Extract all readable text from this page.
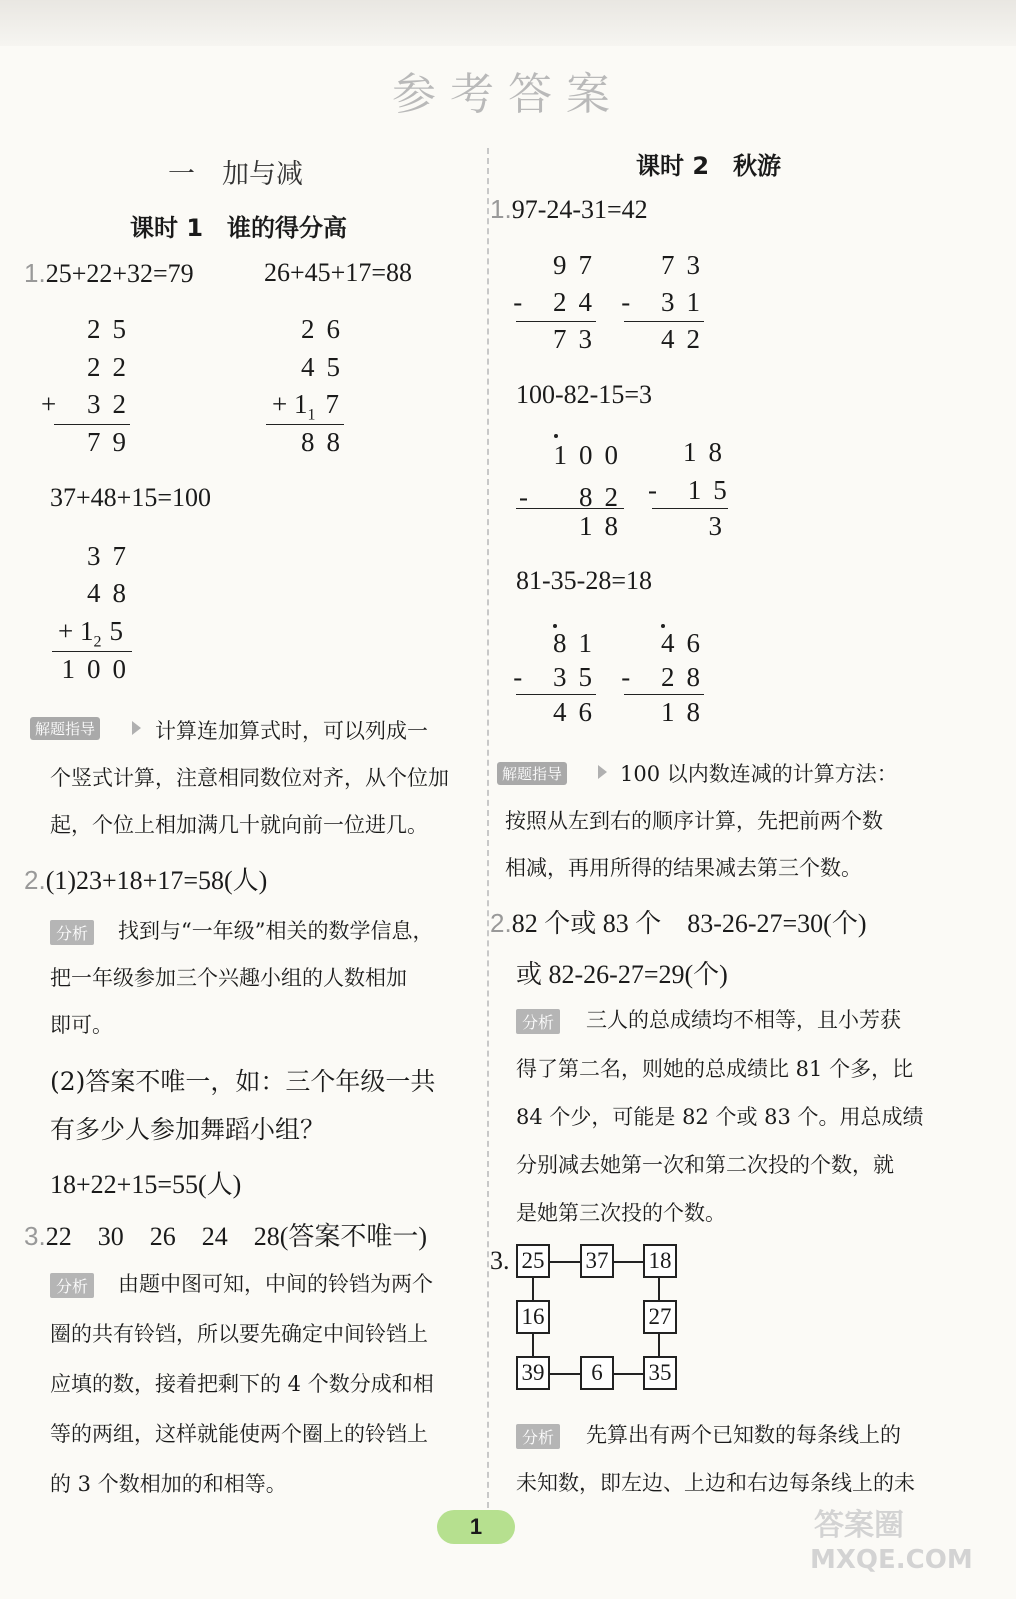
参考答案
一　加与减
课时 1　谁的得分高
1.25+22+32=79	26+45+17=88
25
22
+ 32
79
26
45
+ $1_1$ 7
88
37+48+15=100
37
48
+ $1_2$ 5
100
解题指导	计算连加算式时，可以列成一
个竖式计算，注意相同数位对齐，从个位加
起，个位上相加满几十就向前一位进几。
2.(1)23+18+17=58(人)
分析 找到与“一年级”相关的数学信息，
把一年级参加三个兴趣小组的人数相加
即可。
(2)答案不唯一，如：三个年级一共
有多少人参加舞蹈小组？
18+22+15=55(人)
3.22　30　26　24　28(答案不唯一)
分析 由题中图可知，中间的铃铛为两个
圈的共有铃铛，所以要先确定中间铃铛上
应填的数，接着把剩下的 4 个数分成和相
等的两组，这样就能使两个圈上的铃铛上
的 3 个数相加的和相等。
课时 2　秋游
1.97-24-31=42
97
- 24
73
73
- 31
42
100-82-15=3
100
-　82
18
18
- 15
3
81-35-28=18
81
- 35
46
46
- 28
18
解题指导	100 以内数连减的计算方法：
按照从左到右的顺序计算，先把前两个数
相减，再用所得的结果减去第三个数。
2.82 个或 83 个　83-26-27=30(个)
或 82-26-27=29(个)
分析 三人的总成绩均不相等，且小芳获
得了第二名，则她的总成绩比 81 个多，比
84 个少，可能是 82 个或 83 个。用总成绩
分别减去她第一次和第二次投的个数，就
是她第三次投的个数。
3. 25 37 18
16	27
39	6	35
分析 先算出有两个已知数的每条线上的
未知数，即左边、上边和右边每条线上的未
1	答案圈
MXQE.COM
